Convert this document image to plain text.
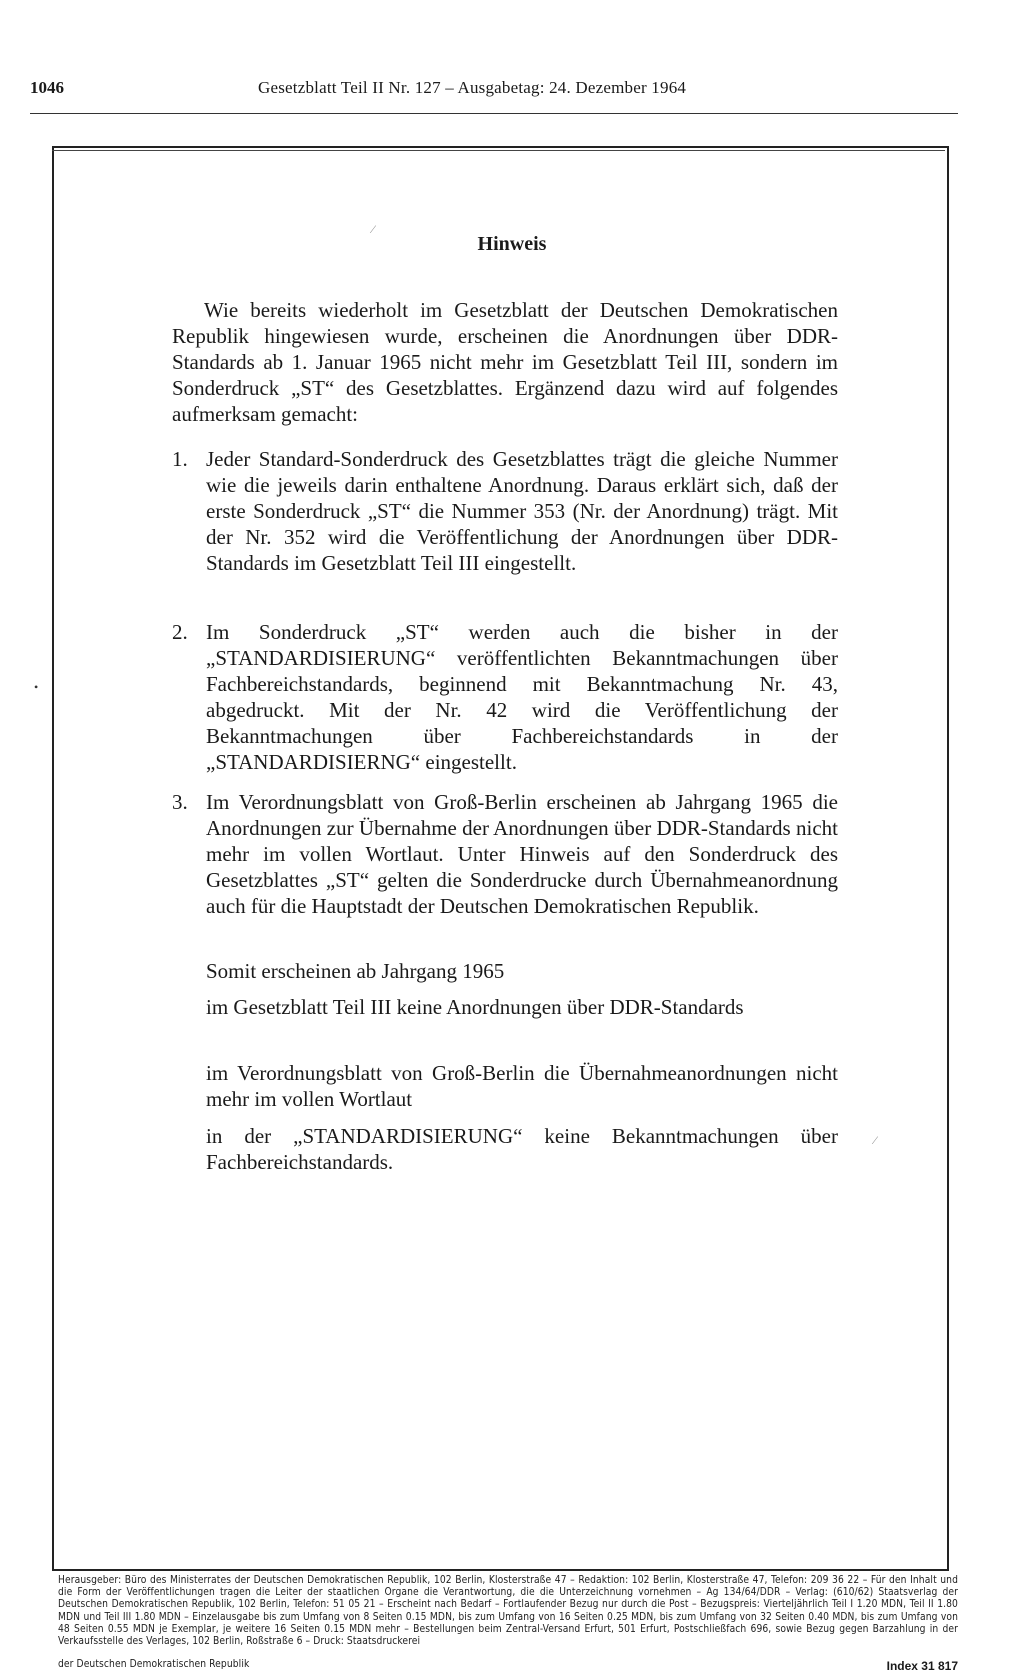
1046	Gesetzblatt Teil II Nr. 127 – Ausgabetag: 24. Dezember 1964
Hinweis
Wie bereits wiederholt im Gesetzblatt der Deutschen Demokratischen Republik hingewiesen wurde, erscheinen die Anordnungen über DDR-Standards ab 1. Januar 1965 nicht mehr im Gesetzblatt Teil III, sondern im Sonderdruck „ST“ des Gesetzblattes. Ergänzend dazu wird auf folgendes aufmerksam gemacht:
1. Jeder Standard-Sonderdruck des Gesetzblattes trägt die gleiche Nummer wie die jeweils darin enthaltene Anordnung. Daraus erklärt sich, daß der erste Sonderdruck „ST“ die Nummer 353 (Nr. der Anordnung) trägt. Mit der Nr. 352 wird die Veröffentlichung der Anordnungen über DDR-Standards im Gesetzblatt Teil III eingestellt.
2. Im Sonderdruck „ST“ werden auch die bisher in der „STANDARDISIERUNG“ veröffentlichten Bekanntmachungen über Fachbereichstandards, beginnend mit Bekanntmachung Nr. 43, abgedruckt. Mit der Nr. 42 wird die Veröffentlichung der Bekanntmachungen über Fachbereichstandards in der „STANDARDISIERNG“ eingestellt.
3. Im Verordnungsblatt von Groß-Berlin erscheinen ab Jahrgang 1965 die Anordnungen zur Übernahme der Anordnungen über DDR-Standards nicht mehr im vollen Wortlaut. Unter Hinweis auf den Sonderdruck des Gesetzblattes „ST“ gelten die Sonderdrucke durch Übernahmeanordnung auch für die Hauptstadt der Deutschen Demokratischen Republik.
Somit erscheinen ab Jahrgang 1965
im Gesetzblatt Teil III keine Anordnungen über DDR-Standards
im Verordnungsblatt von Groß-Berlin die Übernahmeanordnungen nicht mehr im vollen Wortlaut
in der „STANDARDISIERUNG“ keine Bekanntmachungen über Fachbereichstandards.
⁄
⁄
•
Herausgeber: Büro des Ministerrates der Deutschen Demokratischen Republik, 102 Berlin, Klosterstraße 47 – Redaktion: 102 Berlin, Klosterstraße 47, Telefon: 209 36 22 – Für den Inhalt und die Form der Veröffentlichungen tragen die Leiter der staatlichen Organe die Verantwortung, die die Unterzeichnung vornehmen – Ag 134/64/DDR – Verlag: (610/62) Staatsverlag der Deutschen Demokratischen Republik, 102 Berlin, Telefon: 51 05 21 – Erscheint nach Bedarf – Fortlaufender Bezug nur durch die Post – Bezugspreis: Vierteljährlich Teil I 1.20 MDN, Teil II 1.80 MDN und Teil III 1.80 MDN – Einzelausgabe bis zum Umfang von 8 Seiten 0.15 MDN, bis zum Umfang von 16 Seiten 0.25 MDN, bis zum Umfang von 32 Seiten 0.40 MDN, bis zum Umfang von 48 Seiten 0.55 MDN je Exemplar, je weitere 16 Seiten 0.15 MDN mehr – Bestellungen beim Zentral-Versand Erfurt, 501 Erfurt, Postschließfach 696, sowie Bezug gegen Barzahlung in der Verkaufsstelle des Verlages, 102 Berlin, Roßstraße 6 – Druck: Staatsdruckerei
der Deutschen Demokratischen Republik	Index 31 817
